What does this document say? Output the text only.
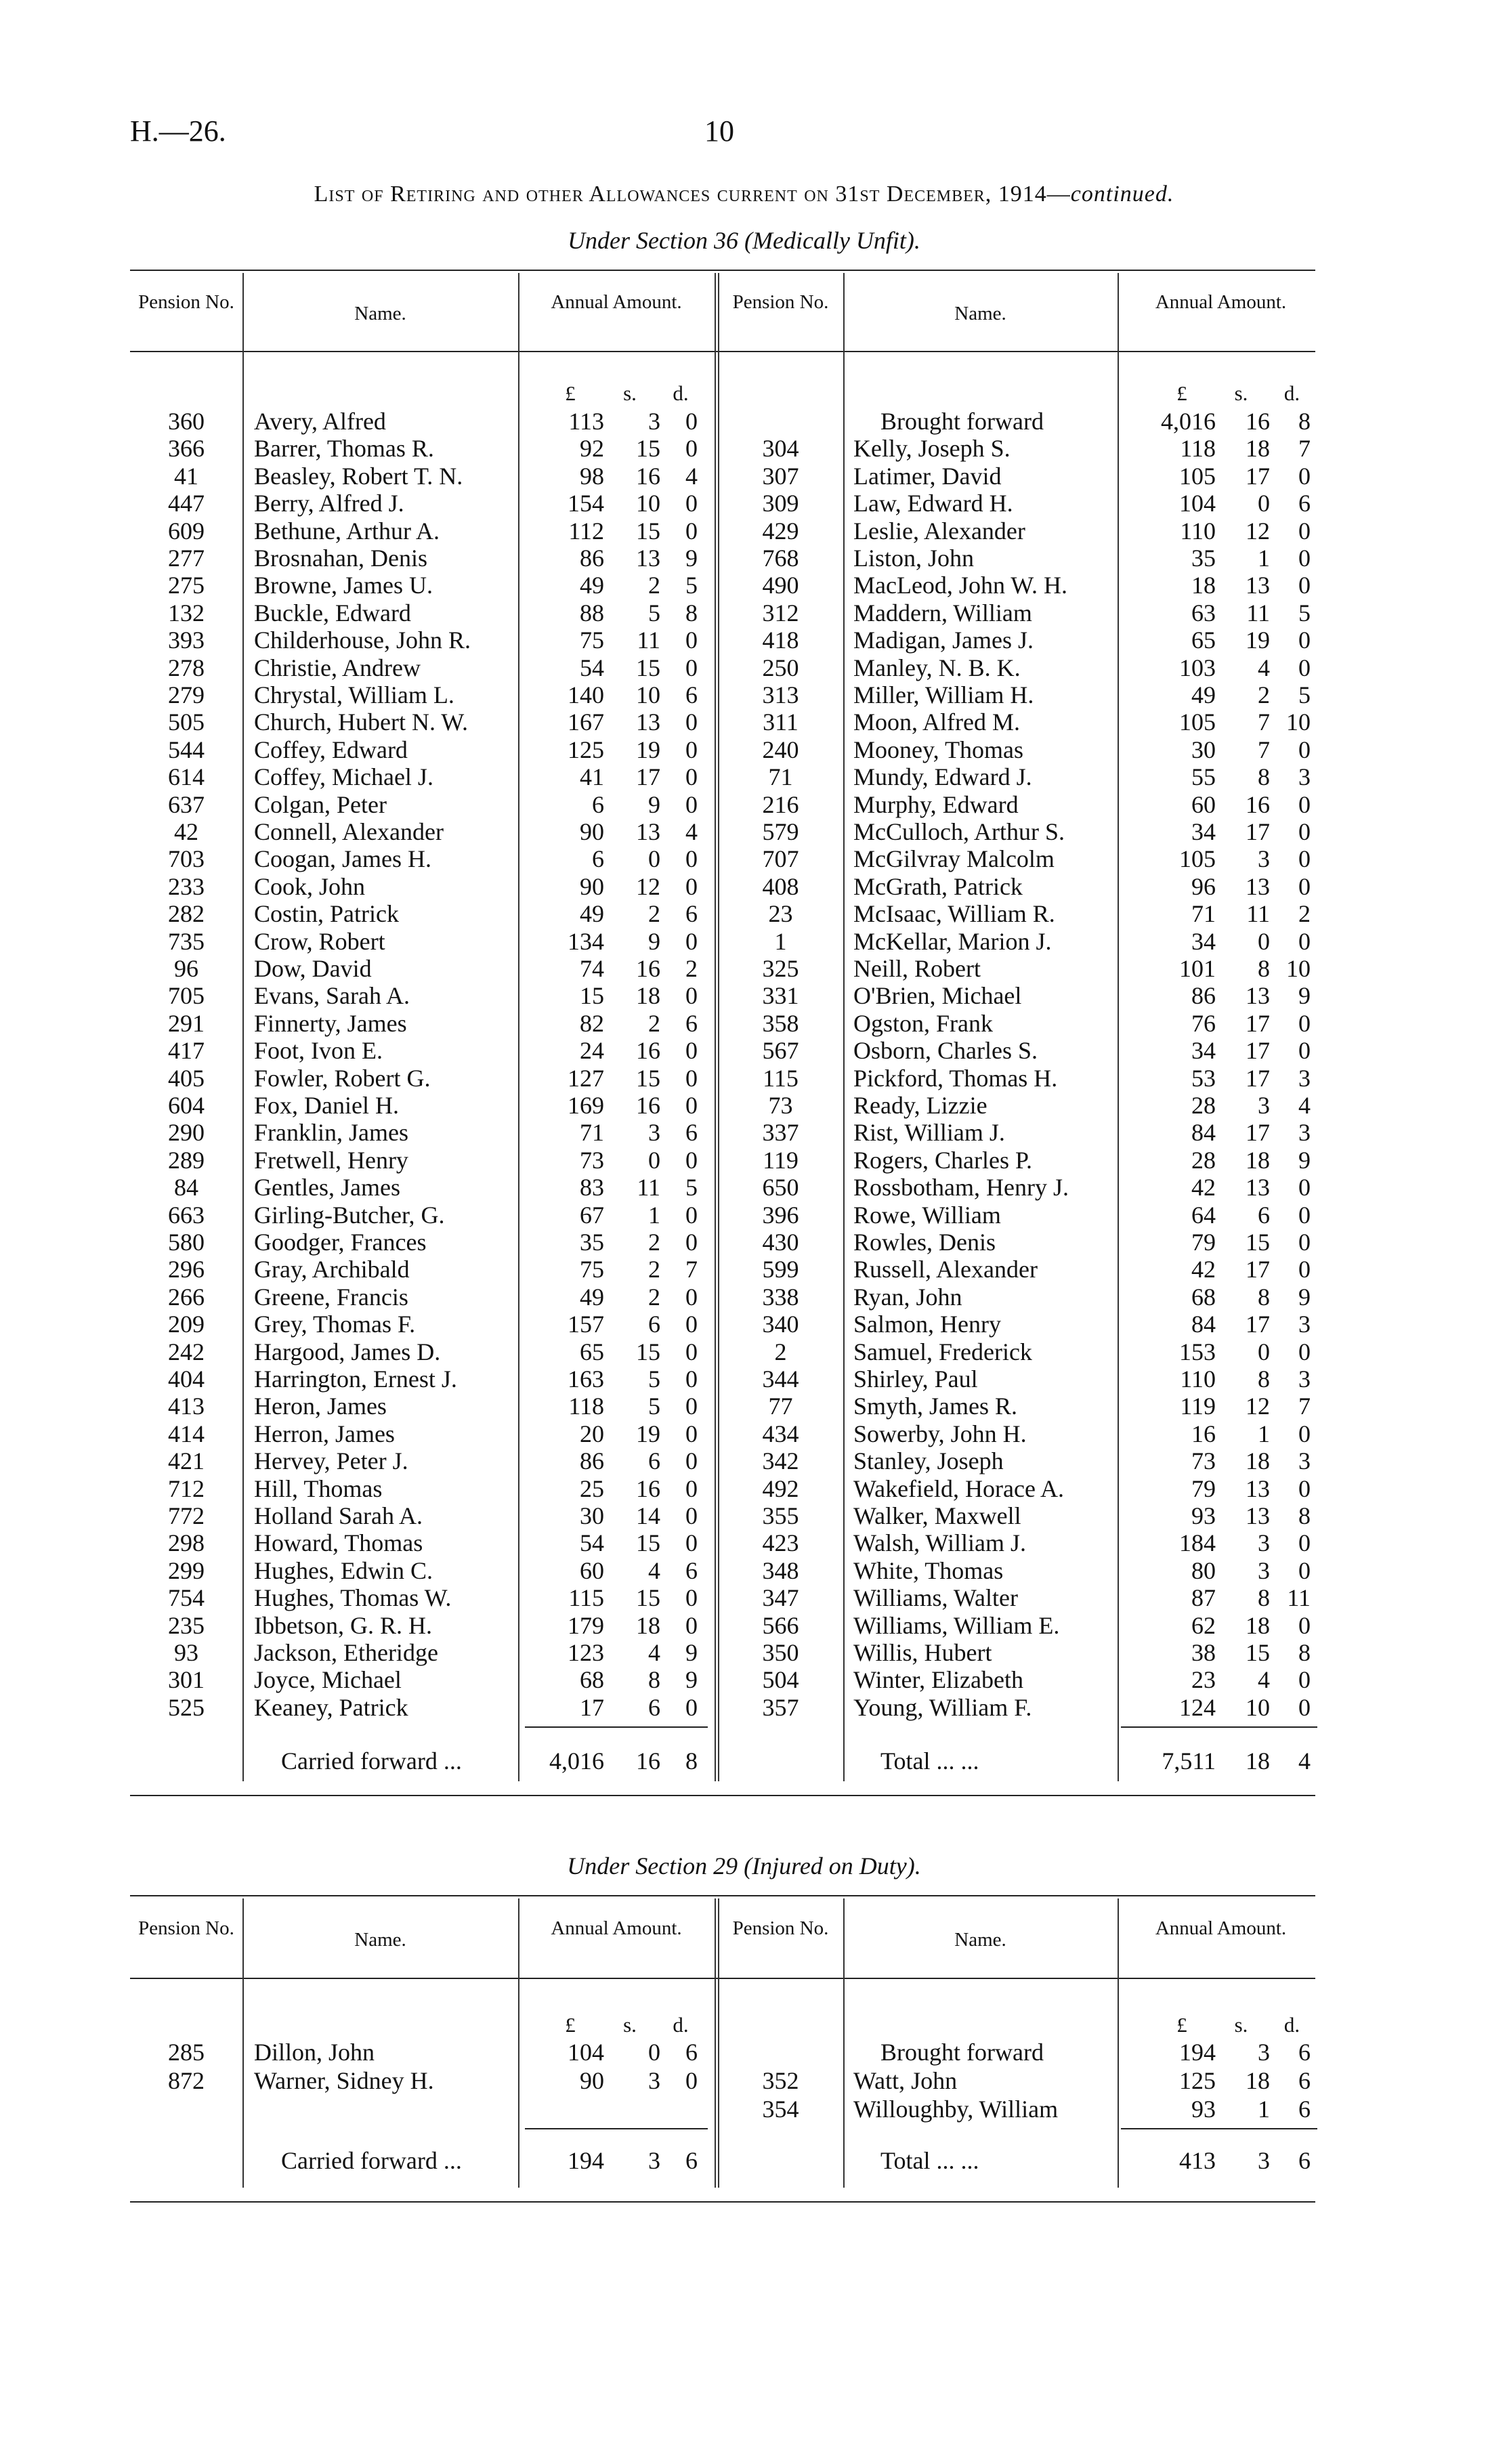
H.—26.	10
List of Retiring and other Allowances current on 31st December, 1914—continued.
Under Section 36 (Medically Unfit).
Under Section 29 (Injured on Duty).
Pension No.
Name.
Annual Amount.	Pension No.
Name.
Annual Amount.
£	s.	d.	£	s.	d.
360	Avery, Alfred	113	3	0
366	Barrer, Thomas R.	92	15	0
41	Beasley, Robert T. N.	98	16	4
447	Berry, Alfred J.	154	10	0
609	Bethune, Arthur A.	112	15	0
277	Brosnahan, Denis	86	13	9
275	Browne, James U.	49	2	5
132	Buckle, Edward	88	5	8
393	Childerhouse, John R.	75	11	0
278	Christie, Andrew	54	15	0
279	Chrystal, William L.	140	10	6
505	Church, Hubert N. W.	167	13	0
544	Coffey, Edward	125	19	0
614	Coffey, Michael J.	41	17	0
637	Colgan, Peter	6	9	0
42	Connell, Alexander	90	13	4
703	Coogan, James H.	6	0	0
233	Cook, John	90	12	0
282	Costin, Patrick	49	2	6
735	Crow, Robert	134	9	0
96	Dow, David	74	16	2
705	Evans, Sarah A.	15	18	0
291	Finnerty, James	82	2	6
417	Foot, Ivon E.	24	16	0
405	Fowler, Robert G.	127	15	0
604	Fox, Daniel H.	169	16	0
290	Franklin, James	71	3	6
289	Fretwell, Henry	73	0	0
84	Gentles, James	83	11	5
663	Girling-Butcher, G.	67	1	0
580	Goodger, Frances	35	2	0
296	Gray, Archibald	75	2	7
266	Greene, Francis	49	2	0
209	Grey, Thomas F.	157	6	0
242	Hargood, James D.	65	15	0
404	Harrington, Ernest J.	163	5	0
413	Heron, James	118	5	0
414	Herron, James	20	19	0
421	Hervey, Peter J.	86	6	0
712	Hill, Thomas	25	16	0
772	Holland Sarah A.	30	14	0
298	Howard, Thomas	54	15	0
299	Hughes, Edwin C.	60	4	6
754	Hughes, Thomas W.	115	15	0
235	Ibbetson, G. R. H.	179	18	0
93	Jackson, Etheridge	123	4	9
301	Joyce, Michael	68	8	9
525	Keaney, Patrick	17	6	0
Brought forward	4,016	16	8
304	Kelly, Joseph S.	118	18	7
307	Latimer, David	105	17	0
309	Law, Edward H.	104	0	6
429	Leslie, Alexander	110	12	0
768	Liston, John	35	1	0
490	MacLeod, John W. H.	18	13	0
312	Maddern, William	63	11	5
418	Madigan, James J.	65	19	0
250	Manley, N. B. K.	103	4	0
313	Miller, William H.	49	2	5
311	Moon, Alfred M.	105	7 10
240	Mooney, Thomas	30	7	0
71	Mundy, Edward J.	55	8	3
216	Murphy, Edward	60	16	0
579	McCulloch, Arthur S.	34	17	0
707	McGilvray Malcolm	105	3	0
408	McGrath, Patrick	96	13	0
23	McIsaac, William R.	71	11	2
1	McKellar, Marion J.	34	0	0
325	Neill, Robert	101	8 10
331	O'Brien, Michael	86	13	9
358	Ogston, Frank	76	17	0
567	Osborn, Charles S.	34	17	0
115	Pickford, Thomas H.	53	17	3
73	Ready, Lizzie	28	3	4
337	Rist, William J.	84	17	3
119	Rogers, Charles P.	28	18	9
650	Rossbotham, Henry J.	42	13	0
396	Rowe, William	64	6	0
430	Rowles, Denis	79	15	0
599	Russell, Alexander	42	17	0
338	Ryan, John	68	8	9
340	Salmon, Henry	84	17	3
2	Samuel, Frederick	153	0	0
344	Shirley, Paul	110	8	3
77	Smyth, James R.	119	12	7
434	Sowerby, John H.	16	1	0
342	Stanley, Joseph	73	18	3
492	Wakefield, Horace A.	79	13	0
355	Walker, Maxwell	93	13	8
423	Walsh, William J.	184	3	0
348	White, Thomas	80	3	0
347	Williams, Walter	87	8 11
566	Williams, William E.	62	18	0
350	Willis, Hubert	38	15	8
504	Winter, Elizabeth	23	4	0
357	Young, William F.	124	10	0
Carried forward ...	4,016	16	8	Total ... ...	7,511	18	4
Pension No.
Name.
Annual Amount.	Pension No.
Name.
Annual Amount.
£	s.	d.	£	s.	d.
285	Dillon, John	104	0	6
872	Warner, Sidney H.	90	3	0
Brought forward	194	3	6
352	Watt, John	125	18	6
354	Willoughby, William	93	1	6
Carried forward ...	194	3	6	Total ... ...	413	3	6
